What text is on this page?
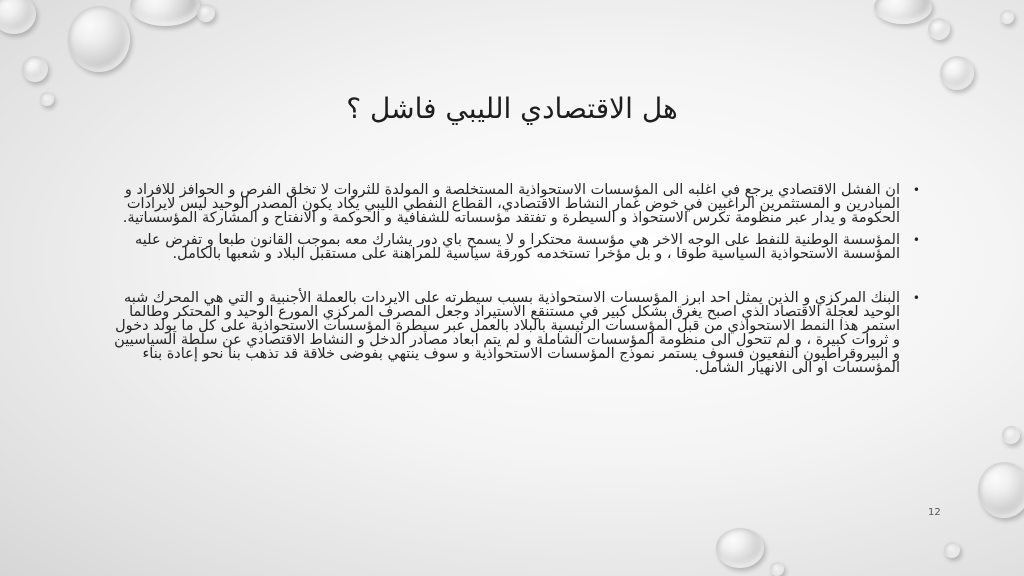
هل الاقتصادي الليبي فاشل ؟
•
ان الفشل الاقتصادي يرجع في اغلبه الى المؤسسات الاستحواذية المستخلصة و المولدة للثروات لا تخلق الفرص و الحوافز للافراد و المبادرين و المستثمرين الراغبين في خوض غمار النشاط الاقتصادي، القطاع النفطي الليبي يكاد يكون المصدر الوحيد ليس لايرادات الحكومة و يدار عبر منظومة تكرس الاستحواذ و السيطرة و تفتقد مؤسساته للشفافية و الحوكمة و الانفتاح و المشاركة المؤسساتية.
•
المؤسسة الوطنية للنفط على الوجه الاخر هي مؤسسة محتكرا و لا يسمح باي دور يشارك معه بموجب القانون طبعا و تفرض عليه المؤسسة الاستحواذية السياسية طوقا ، و بل مؤخرا تستخدمه كورقة سياسية للمراهنة على مستقبل البلاد و شعبها بالكامل.
•
البنك المركزي و الذين يمثل احد ابرز المؤسسات الاستحواذية بسبب سيطرته على الايردات بالعملة الأجنبية و التي هي المحرك شبه الوحيد لعجلة الاقتصاد الذي اصبح يغرق بشكل كبير في مستنقع الاستيراد وجعل المصرف المركزي المورع الوحيد و المحتكر وطالما استمر هذا النمط الاستحواذي من قبل المؤسسات الرئيسية بالبلاد بالعمل عبر سيطرة المؤسسات الاستحواذية على كل ما يولد دخول و ثروات كبيرة ، و لم تتحول الى منظومة المؤسسات الشاملة و لم يتم ابعاد مصادر الدخل و النشاط الاقتصادي عن سلطة السياسيين و البيروقراطيون النفعيون فسوف يستمر نموذج المؤسسات الاستحواذية و سوف ينتهي بفوضى خلاقة قد تذهب بنا نحو إعادة بناء المؤسسات او الى الانهيار الشامل.
12
